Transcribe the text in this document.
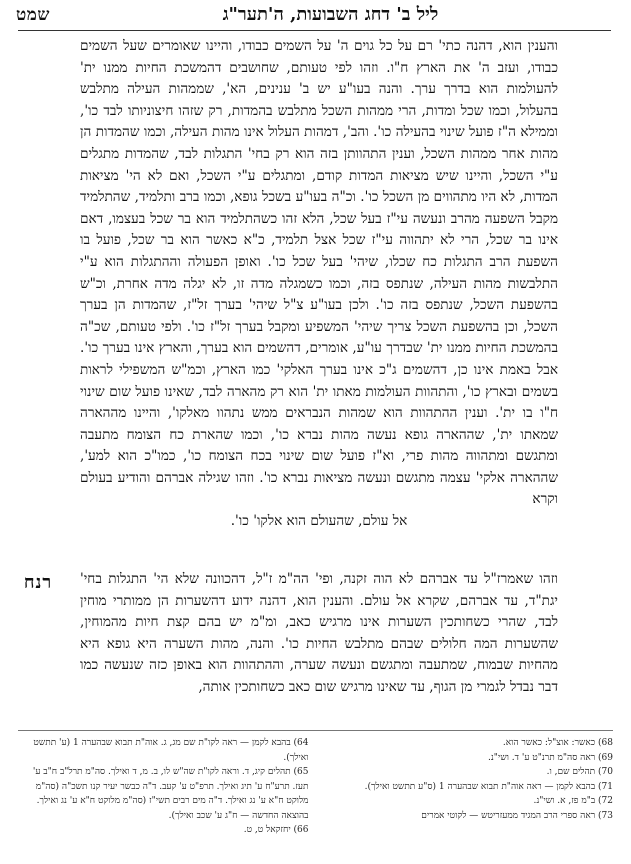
ליל ב' דחג השבועות, ה'תער"ג
שמט

והענין הוא, דהנה כתי' רם על כל גוים ה' על השמים כבודו, והיינו שאומרים שעל השמים כבודו, ועזב ה' את הארץ ח"ו. וזהו לפי טעותם, שחושבים דהמשכת החיות ממנו ית' להעולמות הוא בדרך ערך. והנה בעו"ע יש ב' ענינים, הא', שממהות העילה מתלבש בהעלול, וכמו שכל ומדות, הרי ממהות השכל מתלבש בהמדות, רק שזהו חיצוניותו לבד כו', וממילא ה"ז פועל שינוי בהעילה כו'. והב', דמהות העלול אינו מהות העילה, וכמו שהמדות הן מהות אחר ממהות השכל, וענין התהוותן בזה הוא רק בחי' התגלות לבד, שהמדות מתגלים ע"י השכל, והיינו שיש מציאות המדות קודם, ומתגלים ע"י השכל, ואם לא הי' מציאות המדות, לא היו מתהווים מן השכל כו'. וכ"ה בעו"ע בשכל גופא, וכמו ברב ותלמיד, שהתלמיד מקבל השפעה מהרב ונעשה עי"ז בעל שכל, הלא זהו כשהתלמיד הוא בר שכל בעצמו, דאם אינו בר שכל, הרי לא יתהווה עי"ז שכל אצל תלמיד, כ"א כאשר הוא בר שכל, פועל בו השפעת הרב התגלות כח שכלו, שיהי' בעל שכל כו'. ואופן הפעולה וההתגלות הוא ע"י התלבשות מהות העילה, שנתפס בזה, וכמו כשמגלה מדה זו, לא יגלה מדה אחרת, וכ"ש בהשפעת השכל, שנתפס בזה כו'. ולכן בעו"ע צ"ל שיהי' בערך זל"ז, שהמדות הן בערך השכל, וכן בהשפעת השכל צריך שיהי' המשפיע ומקבל בערך זל"ז כו'. ולפי טעותם, שכ"ה בהמשכת החיות ממנו ית' שבדרך עו"ע, אומרים, דהשמים הוא בערך, והארץ אינו בערך כו'. אבל באמת אינו כן, דהשמים ג"כ אינו בערך האלקי' כמו הארץ, וכמ"ש המשפילי לראות בשמים ובארץ כו', והתהוות העולמות מאתו ית' הוא רק מהארה לבד, שאינו פועל שום שינוי ח"ו בו ית'. וענין ההתהוות הוא שמהות הנבראים ממש נתהוו מאלקו', והיינו מההארה שמאתו ית', שההארה גופא נעשה מהות נברא כו', וכמו שהארת כח הצומח מתעבה ומתגשם ומתהווה מהות פרי, וא"ז פועל שום שינוי בכח הצומח כו', כמו"כ הוא למע', שההארה אלקי' עצמה מתגשם ונעשה מציאות נברא כו'. וזהו שגילה אברהם והודיע בעולם וקרא

אל עולם, שהעולם הוא אלקו' כו'.

רנח	וזהו שאמרז"ל עד אברהם לא הוה זקנה, ופי' הה"מ ז"ל, דהכוונה שלא הי' התגלות בחי' יגת"ד, עד אברהם, שקרא אל עולם. והענין הוא, דהנה ידוע דהשערות הן ממותרי מוחין לבד, שהרי כשחותכין השערות אינו מרגיש כאב, ומ"מ יש בהם קצת חיות מהמוחין, שהשערות המה חלולים שבהם מתלבש החיות כו'. והנה, מהות השערה היא גופא היא מהחיות שבמוח, שמתעבה ומתגשם ונעשה שערה, וההתהוות הוא באופן כזה שנעשה כמו דבר נבדל לגמרי מן הגוף, עד שאינו מרגיש שום כאב כשחותכין אותה,

64) בהבא לקמן — ראה לקו"ת שם מג, ג. אוה"ת תבוא שבהערה 1 (ע' תתשט ואילך).

65) תהלים קיג, ד. וראה לקו"ת שה"ש לו, ב. מ, ד ואילך. סה"מ תרל"ב ח"ב ע' תעז. תרע"ח ע' תיג ואילך. תרפ"ט ע' קעב. ד"ה כבשר יעיר קנו תשכ"ה (סה"מ מלוקט ח"א ע' נג ואילך. ד"ה מים רבים תשי"ז (סה"מ מלוקט ח"א ע' נג ואילך. בהוצאה החדשה — ח"ג ע' שכב ואילך).

66) יחזקאל ט, ט.

68) כאשר: אוצ"ל: כאשר הוא.

69) ראה סה"מ תרנ"ט ע' ד. ושי"נ.

70) תהלים שם, ו.

71) בהבא לקמן — ראה אוה"ת תבוא שבהערה 1 (ס"ע תתשט ואילך).

72) ב"מ פז, א. ושי"נ.

73) ראה ספרי הרב המגיד ממעזריטש — לקוטי אמרים
